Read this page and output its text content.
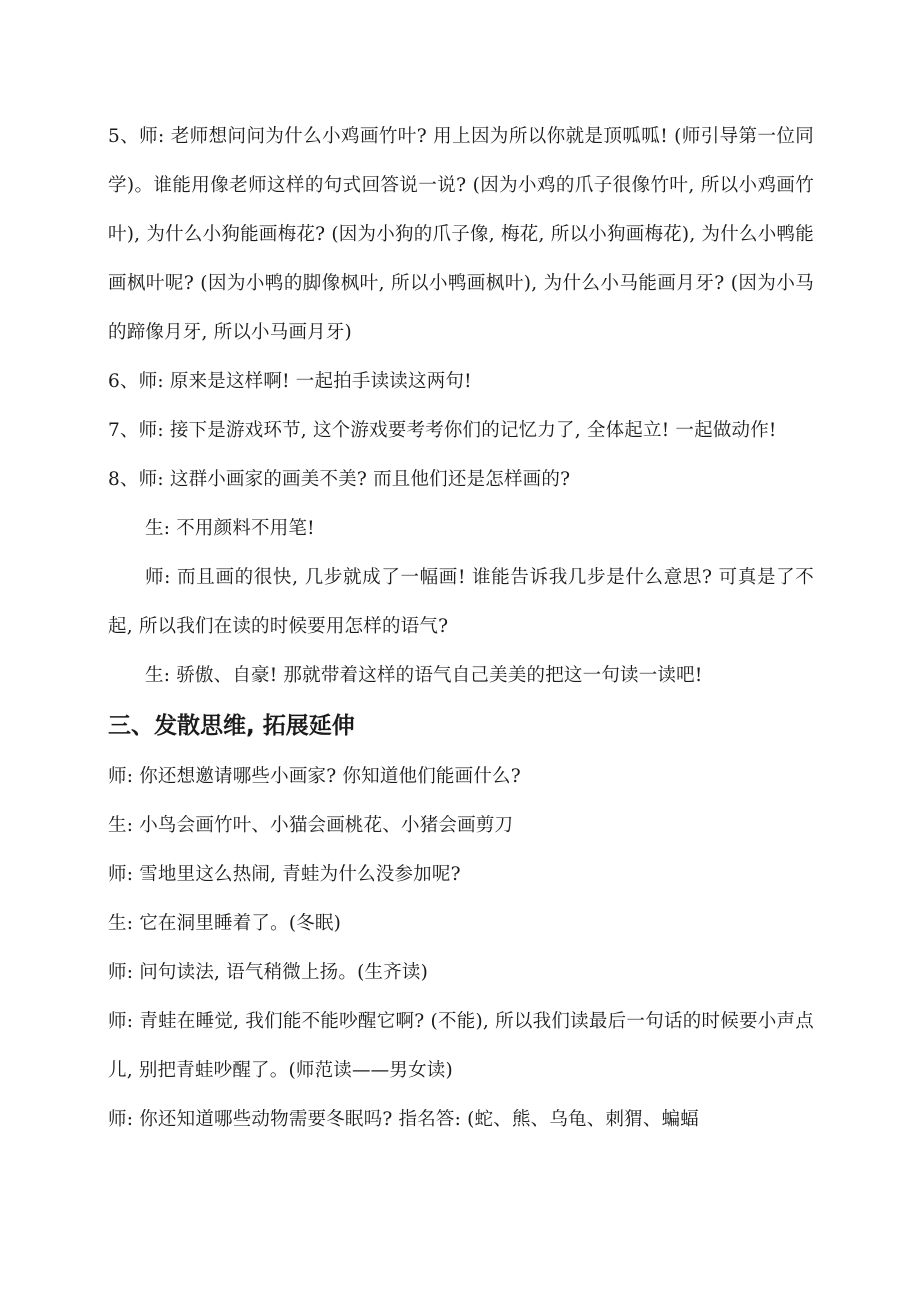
5、师: 老师想问问为什么小鸡画竹叶? 用上因为所以你就是顶呱呱! (师引导第一位同学)。谁能用像老师这样的句式回答说一说? (因为小鸡的爪子很像竹叶, 所以小鸡画竹叶), 为什么小狗能画梅花? (因为小狗的爪子像, 梅花, 所以小狗画梅花), 为什么小鸭能画枫叶呢? (因为小鸭的脚像枫叶, 所以小鸭画枫叶), 为什么小马能画月牙? (因为小马的蹄像月牙, 所以小马画月牙)

6、师: 原来是这样啊! 一起拍手读读这两句!

7、师: 接下是游戏环节, 这个游戏要考考你们的记忆力了, 全体起立! 一起做动作!

8、师: 这群小画家的画美不美? 而且他们还是怎样画的?

生: 不用颜料不用笔!

师: 而且画的很快, 几步就成了一幅画! 谁能告诉我几步是什么意思? 可真是了不起, 所以我们在读的时候要用怎样的语气?

生: 骄傲、自豪! 那就带着这样的语气自己美美的把这一句读一读吧!

三、发散思维, 拓展延伸

师: 你还想邀请哪些小画家? 你知道他们能画什么?

生: 小鸟会画竹叶、小猫会画桃花、小猪会画剪刀

师: 雪地里这么热闹, 青蛙为什么没参加呢?

生: 它在洞里睡着了。(冬眠)

师: 问句读法, 语气稍微上扬。(生齐读)

师: 青蛙在睡觉, 我们能不能吵醒它啊? (不能), 所以我们读最后一句话的时候要小声点儿, 别把青蛙吵醒了。(师范读——男女读)

师: 你还知道哪些动物需要冬眠吗? 指名答: (蛇、熊、乌龟、刺猬、蝙蝠
